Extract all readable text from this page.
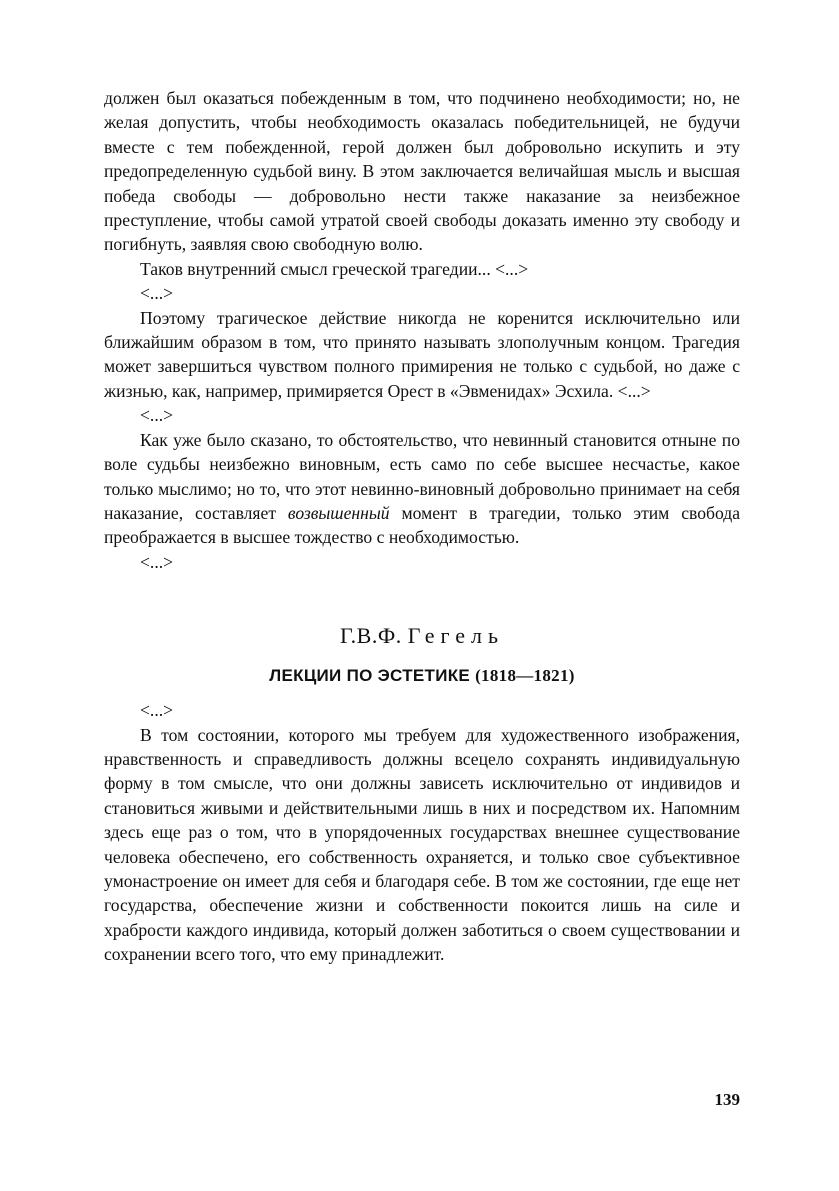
должен был оказаться побежденным в том, что подчинено необходимости; но, не желая допустить, чтобы необходимость оказалась победительницей, не будучи вместе с тем побежденной, герой должен был добровольно искупить и эту предопределенную судьбой вину. В этом заключается величайшая мысль и высшая победа свободы — добровольно нести также наказание за неизбежное преступление, чтобы самой утратой своей свободы доказать именно эту свободу и погибнуть, заявляя свою свободную волю.

Таков внутренний смысл греческой трагедии... <...>

<...>

Поэтому трагическое действие никогда не коренится исключительно или ближайшим образом в том, что принято называть злополучным концом. Трагедия может завершиться чувством полного примирения не только с судьбой, но даже с жизнью, как, например, примиряется Орест в «Эвменидах» Эсхила. <...>

<...>

Как уже было сказано, то обстоятельство, что невинный становится отныне по воле судьбы неизбежно виновным, есть само по себе высшее несчастье, какое только мыслимо; но то, что этот невинно-виновный добровольно принимает на себя наказание, составляет возвышенный момент в трагедии, только этим свобода преображается в высшее тождество с необходимостью.

<...>

Г.В.Ф. Гегель
ЛЕКЦИИ ПО ЭСТЕТИКЕ (1818—1821)

<...>

В том состоянии, которого мы требуем для художественного изображения, нравственность и справедливость должны всецело сохранять индивидуальную форму в том смысле, что они должны зависеть исключительно от индивидов и становиться живыми и действительными лишь в них и посредством их. Напомним здесь еще раз о том, что в упорядоченных государствах внешнее существование человека обеспечено, его собственность охраняется, и только свое субъективное умонастроение он имеет для себя и благодаря себе. В том же состоянии, где еще нет государства, обеспечение жизни и собственности покоится лишь на силе и храбрости каждого индивида, который должен заботиться о своем существовании и сохранении всего того, что ему принадлежит.

139
